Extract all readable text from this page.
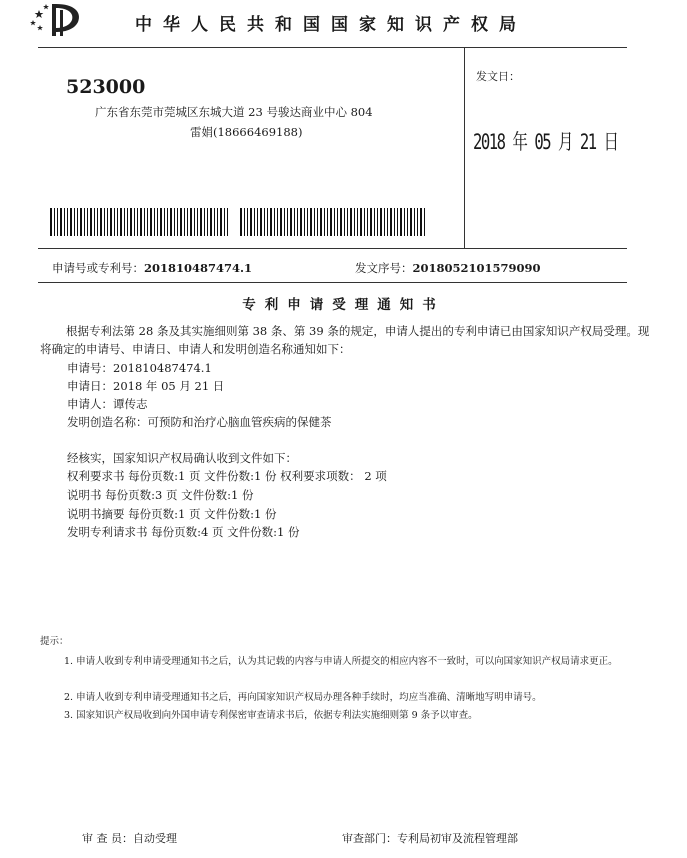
中华人民共和国国家知识产权局
523000
广东省东莞市莞城区东城大道 23 号骏达商业中心 804
雷娟(18666469188)
发文日：
2018 年 05 月 21 日
申请号或专利号：201810487474.1	发文序号：2018052101579090
专利申请受理通知书
根据专利法第 28 条及其实施细则第 38 条、第 39 条的规定，申请人提出的专利申请已由国家知识产权局受理。现将确定的申请号、申请日、申请人和发明创造名称通知如下：
申请号：201810487474.1
申请日：2018 年 05 月 21 日
申请人：谭传志
发明创造名称：可预防和治疗心脑血管疾病的保健茶
经核实，国家知识产权局确认收到文件如下：
权利要求书 每份页数:1 页 文件份数:1 份 权利要求项数： 2 项
说明书 每份页数:3 页 文件份数:1 份
说明书摘要 每份页数:1 页 文件份数:1 份
发明专利请求书 每份页数:4 页 文件份数:1 份
提示：
1. 申请人收到专利申请受理通知书之后，认为其记载的内容与申请人所提交的相应内容不一致时，可以向国家知识产权局请求更正。
2. 申请人收到专利申请受理通知书之后，再向国家知识产权局办理各种手续时，均应当准确、清晰地写明申请号。
3. 国家知识产权局收到向外国申请专利保密审查请求书后，依据专利法实施细则第 9 条予以审查。
审 查 员：自动受理	审查部门：专利局初审及流程管理部
